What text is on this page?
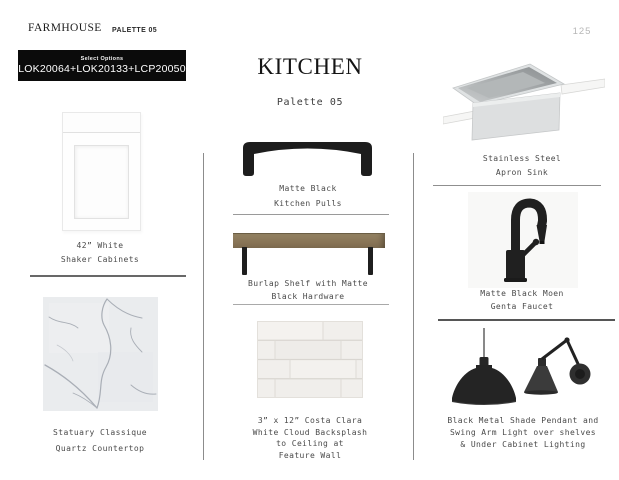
FARMHOUSE PALETTE 05
Select Options
LOK20064+LOK20133+LCP20050	KITCHEN
Palette 05
125
42” White
Shaker Cabinets
Statuary Classique
Quartz Countertop
Matte Black
Kitchen Pulls
Burlap Shelf with Matte
Black Hardware
3” x 12” Costa Clara
White Cloud Backsplash
to Ceiling at
Feature Wall
Stainless Steel
Apron Sink
Matte Black Moen
Genta Faucet
Black Metal Shade Pendant and
Swing Arm Light over shelves
& Under Cabinet Lighting
